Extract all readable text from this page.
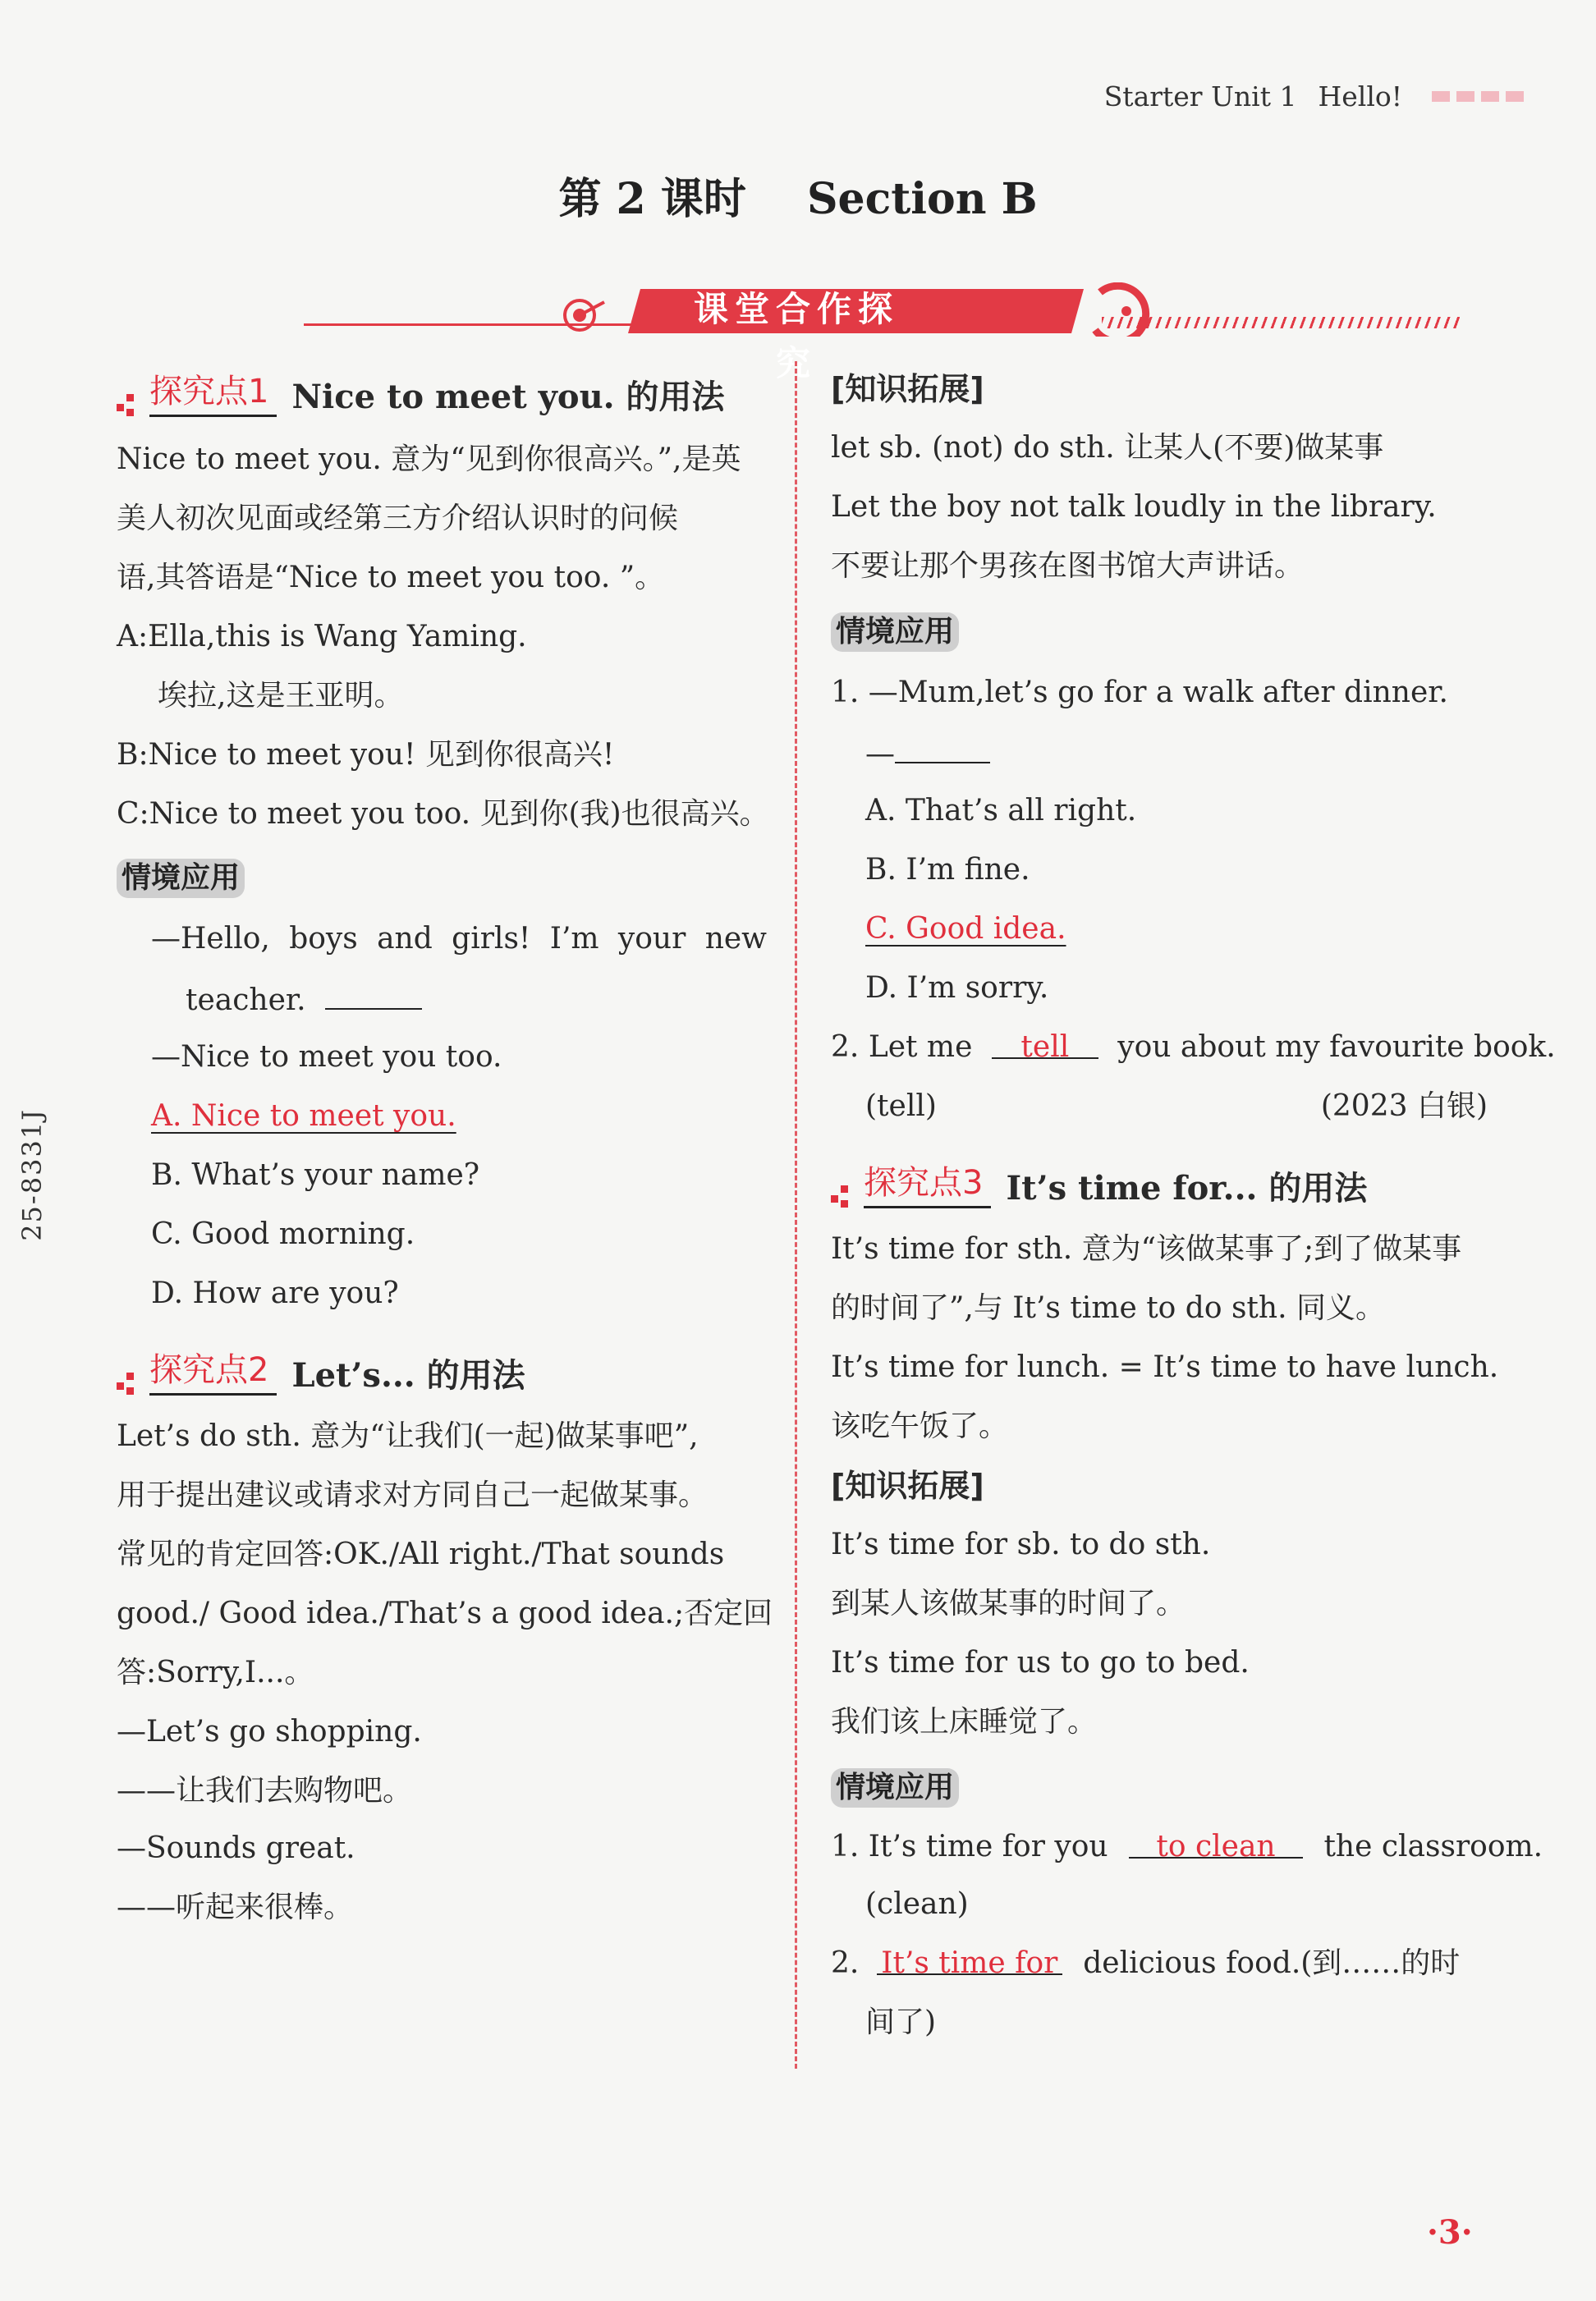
Starter Unit 1 Hello!
第 2 课时 Section B
课堂合作探究
25-8331J
探究点1 Nice to meet you. 的用法
Nice to meet you. 意为“见到你很高兴。”,是英
美人初次见面或经第三方介绍认识时的问候
语,其答语是“Nice to meet you too. ”。
A:Ella,this is Wang Yaming.
埃拉,这是王亚明。
B:Nice to meet you! 见到你很高兴!
C:Nice to meet you too. 见到你(我)也很高兴。
情境应用
—Hello, boys and girls! I’m your new
teacher.
—Nice to meet you too.
A. Nice to meet you.
B. What’s your name?
C. Good morning.
D. How are you?
探究点2 Let’s... 的用法
Let’s do sth. 意为“让我们(一起)做某事吧”,
用于提出建议或请求对方同自己一起做某事。
常见的肯定回答:OK./All right./That sounds
good./ Good idea./That’s a good idea.;否定回
答:Sorry,I...。
—Let’s go shopping.
——让我们去购物吧。
—Sounds great.
——听起来很棒。
[知识拓展]
let sb. (not) do sth. 让某人(不要)做某事
Let the boy not talk loudly in the library.
不要让那个男孩在图书馆大声讲话。
情境应用
1. —Mum,let’s go for a walk after dinner.
—
A. That’s all right.
B. I’m fine.
C. Good idea.
D. I’m sorry.
2. Let me tell you about my favourite book.
(tell)	(2023 白银)
探究点3 It’s time for... 的用法
It’s time for sth. 意为“该做某事了;到了做某事
的时间了”,与 It’s time to do sth. 同义。
It’s time for lunch. = It’s time to have lunch.
该吃午饭了。
[知识拓展]
It’s time for sb. to do sth.
到某人该做某事的时间了。
It’s time for us to go to bed.
我们该上床睡觉了。
情境应用
1. It’s time for you to clean the classroom.
(clean)
2. It’s time for delicious food.(到……的时
间了)
·3·
